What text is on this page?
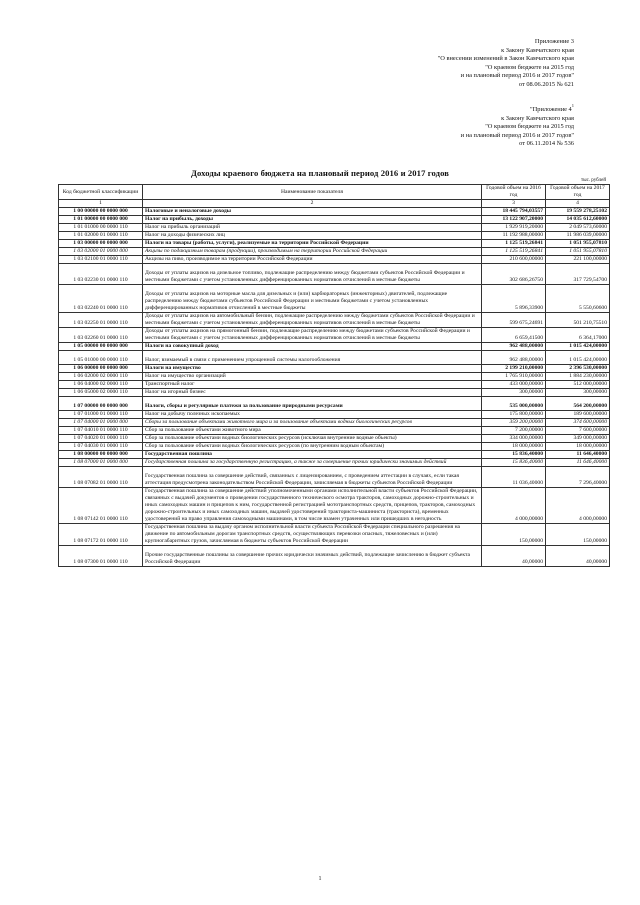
Приложение 3
к Закону Камчатского края
"О внесении изменений в Закон Камчатского края
"О краевом бюджете на 2015 год
и на плановый период 2016 и 2017 годов"
от 08.06.2015 № 621
"Приложение $4^1$
к Закону Камчатского края
"О краевом бюджете на 2015 год
и на плановый период 2016 и 2017 годов"
от 06.11.2014 № 536
Доходы краевого бюджета на плановый период 2016 и 2017 годов
тыс. рублей
Код бюджетной классификации	Наименование показателя	Годовой объем на 2016 год	Годовой объем на 2017 год
1	2	3	4
1 00 00000 00 0000 000	Налоговые и неналоговые доходы	18 445 794,03557	19 559 278,25102
1 01 00000 00 0000 000	Налог на прибыль, доходы	13 122 907,20000	14 035 612,60000
1 01 01000 00 0000 110	Налог на прибыль организаций	1 929 919,20000	2 049 573,60000
1 01 02000 01 0000 110	Налог на доходы физических лиц	11 192 988,00000	11 986 039,00000
1 03 00000 00 0000 000	Налоги на товары (работы, услуги), реализуемые на территории Российской Федерации	1 125 519,26841	1 051 955,07810
1 03 02000 01 0000 000	Акцизы по подакцизным товарам (продукции), производимым на территории Российской Федерации	1 125 519,26841	1 051 955,07810
1 03 02100 01 0000 110	Акцизы на пиво, производимое на территории Российской Федерации	210 600,00000	221 100,00000
1 03 02230 01 0000 110	Доходы от уплаты акцизов на дизельное топливо, подлежащие распределению между бюджетами субъектов Российской Федерации и местными бюджетами с учетом установленных дифференцированных нормативов отчислений в местные бюджеты	302 686,26750	317 729,54700
1 03 02240 01 0000 110	Доходы от уплаты акцизов на моторные масла для дизельных и (или) карбюраторных (инжекторных) двигателей, подлежащие распределению между бюджетами субъектов Российской Федерации и местными бюджетами с учетом установленных дифференцированных нормативов отчислений в местные бюджеты	5 896,33900	5 550,60600
1 03 02250 01 0000 110	Доходы от уплаты акцизов на автомобильный бензин, подлежащие распределению между бюджетами субъектов Российской Федерации и местными бюджетами с учетом установленных дифференцированных нормативов отчислений в местные бюджеты	599 675,24691	501 210,75510
1 03 02260 01 0000 110	Доходы от уплаты акцизов на прямогонный бензин, подлежащие распределению между бюджетами субъектов Российской Федерации и местными бюджетами с учетом установленных дифференцированных нормативов отчислений в местные бюджеты	6 659,41500	6 364,17000
1 05 00000 00 0000 000	Налоги на совокупный доход	962 488,00000	1 015 424,00000
1 05 01000 00 0000 110	Налог, взимаемый в связи с применением упрощенной системы налогообложения	962 488,00000	1 015 424,00000
1 06 00000 00 0000 000	Налоги на имущество	2 199 210,00000	2 396 530,00000
1 06 02000 02 0000 110	Налог на имущество организаций	1 765 910,00000	1 884 230,00000
1 06 04000 02 0000 110	Транспортный налог	433 000,00000	512 000,00000
1 06 05000 02 0000 110	Налог на игорный бизнес	300,00000	300,00000
1 07 00000 00 0000 000	Налоги, сборы и регулярные платежи за пользование природными ресурсами	535 000,00000	564 200,00000
1 07 01000 01 0000 110	Налог на добычу полезных ископаемых	175 800,00000	189 600,00000
1 07 04000 01 0000 000	Сборы за пользование объектами животного мира и за пользование объектами водных биологических ресурсов	359 200,00000	374 600,00000
1 07 04010 01 0000 110	Сбор за пользование объектами животного мира	7 200,00000	7 600,00000
1 07 04020 01 0000 110	Сбор за пользование объектами водных биологических ресурсов (исключая внутренние водные объекты)	334 000,00000	349 000,00000
1 07 04030 01 0000 110	Сбор за пользование объектами водных биологических ресурсов (по внутренним водным объектам)	18 000,00000	18 000,00000
1 08 00000 00 0000 000	Государственная пошлина	15 836,40000	11 646,40000
1 08 07000 01 0000 000	Государственная пошлина за государственную регистрацию, а также за совершение прочих юридически значимых действий	15 836,40000	11 646,40000
1 08 07082 01 0000 110	Государственная пошлина за совершение действий, связанных с лицензированием, с проведением аттестации в случаях, если такая аттестация предусмотрена законодательством Российской Федерации, зачисляемая в бюджеты субъектов Российской Федерации	11 036,40000	7 296,40000
1 08 07142 01 0000 110	Государственная пошлина за совершение действий уполномоченными органами исполнительной власти субъектов Российской Федерации, связанных с выдачей документов о проведении государственного технического осмотра тракторов, самоходных дорожно-строительных и иных самоходных машин и прицепов к ним, государственной регистрацией мототранспортных средств, прицепов, тракторов, самоходных дорожно-строительных и иных самоходных машин, выдачей удостоверений тракториста-машиниста (тракториста), временных удостоверений на право управления самоходными машинами, в том числе взамен утраченных или пришедших в негодность	4 000,00000	4 000,00000
1 08 07172 01 0000 110	Государственная пошлина за выдачу органом исполнительной власти субъекта Российской Федерации специального разрешения на движение по автомобильным дорогам транспортных средств, осуществляющих перевозки опасных, тяжеловесных и (или) крупногабаритных грузов, зачисляемая в бюджеты субъектов Российской Федерации	150,00000	150,00000
1 08 07300 01 0000 110	Прочие государственные пошлины за совершение прочих юридически значимых действий, подлежащие зачислению в бюджет субъекта Российской Федерации	40,00000	40,00000
1
